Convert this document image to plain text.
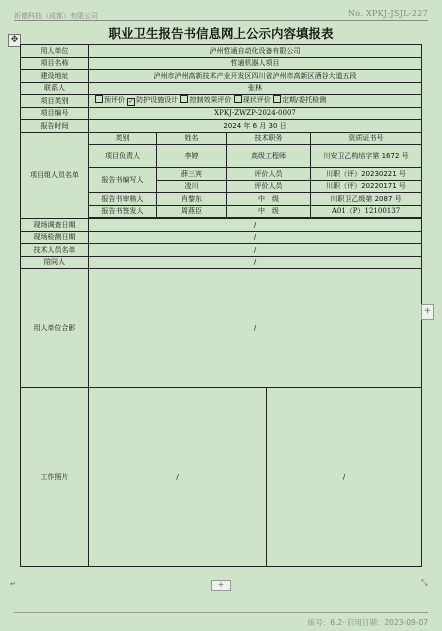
祈德科技（成都）有限公司	No. XPKJ-JSJL-227
职业卫生报告书信息网上公示内容填报表
✥
用人单位	泸州哲通自动化设备有限公司				
项目名称	哲通机器人项目				
建设地址	泸州市泸州高新技术产业开发区四川省泸州市高新区酒谷大道五段				
联系人	张林				
项目类别	预评价 ✓ 防护设施设计 控制效果评价 现状评价 定期/委托检测				
项目编号	XPKJ-ZWZP-2024-0007				
报告时间	2024 年 6 月 30 日				
项目组人员名单	类别	姓名	技术职务		资质证书号
	项目负责人	李婷	高级工程师		川安卫乙构培字第 1672 号
	报告书编写人	薛三宾	评价人员		川职（评）20230221 号
		凌川	评价人员		川职（评）20220171 号
	报告书审核人	肖黎东	中　级		川职卫乙级第 2087 号
	报告书签发人	周燕臣	中　级		A01（P）12100137

现场调查日期	/				
现场检测日期	/				
技术人员名单	/				
陪同人	/				
用人单位合影	/				
工作照片	/			/	
+
+	⤡
↵
版号：6.2··启用日期：2023-09-07
